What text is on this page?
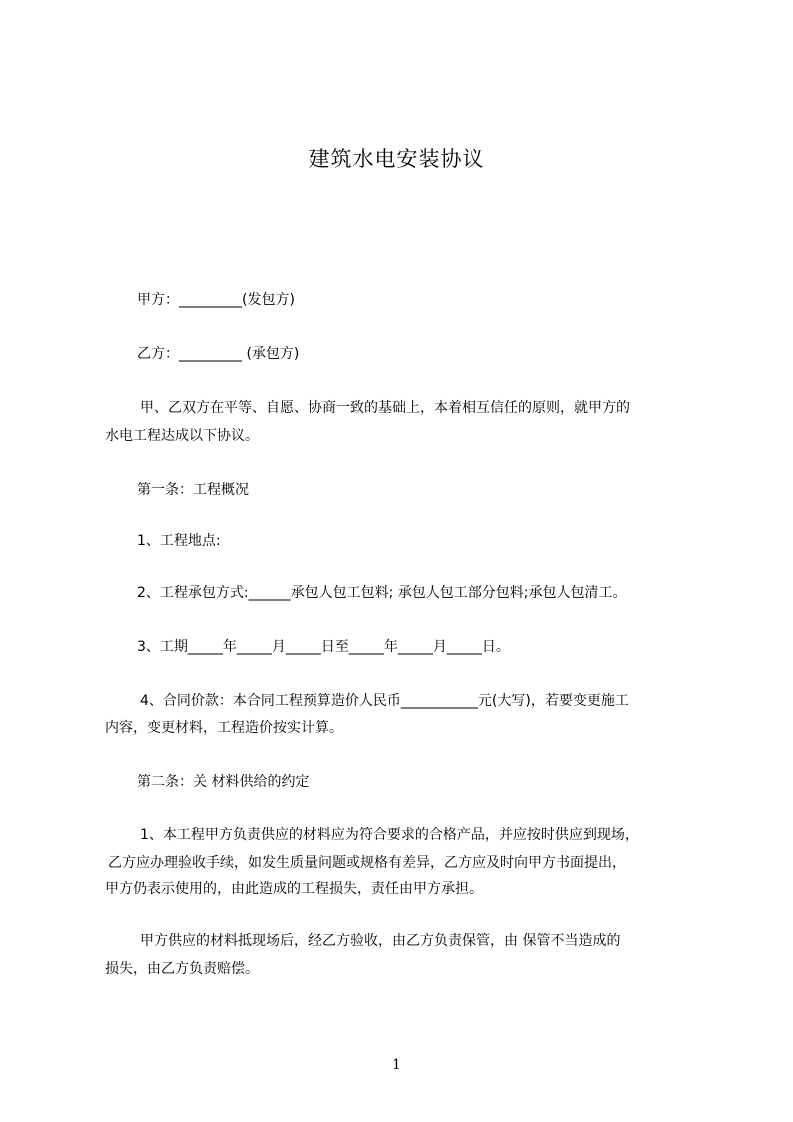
建筑水电安装协议
甲方：_________(发包方)
乙方：_________ (承包方)
甲、乙双方在平等、自愿、协商一致的基础上，本着相互信任的原则，就甲方的
水电工程达成以下协议。
第一条：工程概况
1、工程地点:
2、工程承包方式:______承包人包工包料; 承包人包工部分包料;承包人包清工。
3、工期_____年_____月_____日至_____年_____月_____日。
4、合同价款：本合同工程预算造价人民币___________元(大写)，若要变更施工
内容，变更材料，工程造价按实计算。
第二条：关 材料供给的约定
1、本工程甲方负责供应的材料应为符合要求的合格产品，并应按时供应到现场，
乙方应办理验收手续，如发生质量问题或规格有差异，乙方应及时向甲方书面提出，
甲方仍表示使用的，由此造成的工程损失，责任由甲方承担。
甲方供应的材料抵现场后，经乙方验收，由乙方负责保管，由 保管不当造成的
损失，由乙方负责赔偿。
1
